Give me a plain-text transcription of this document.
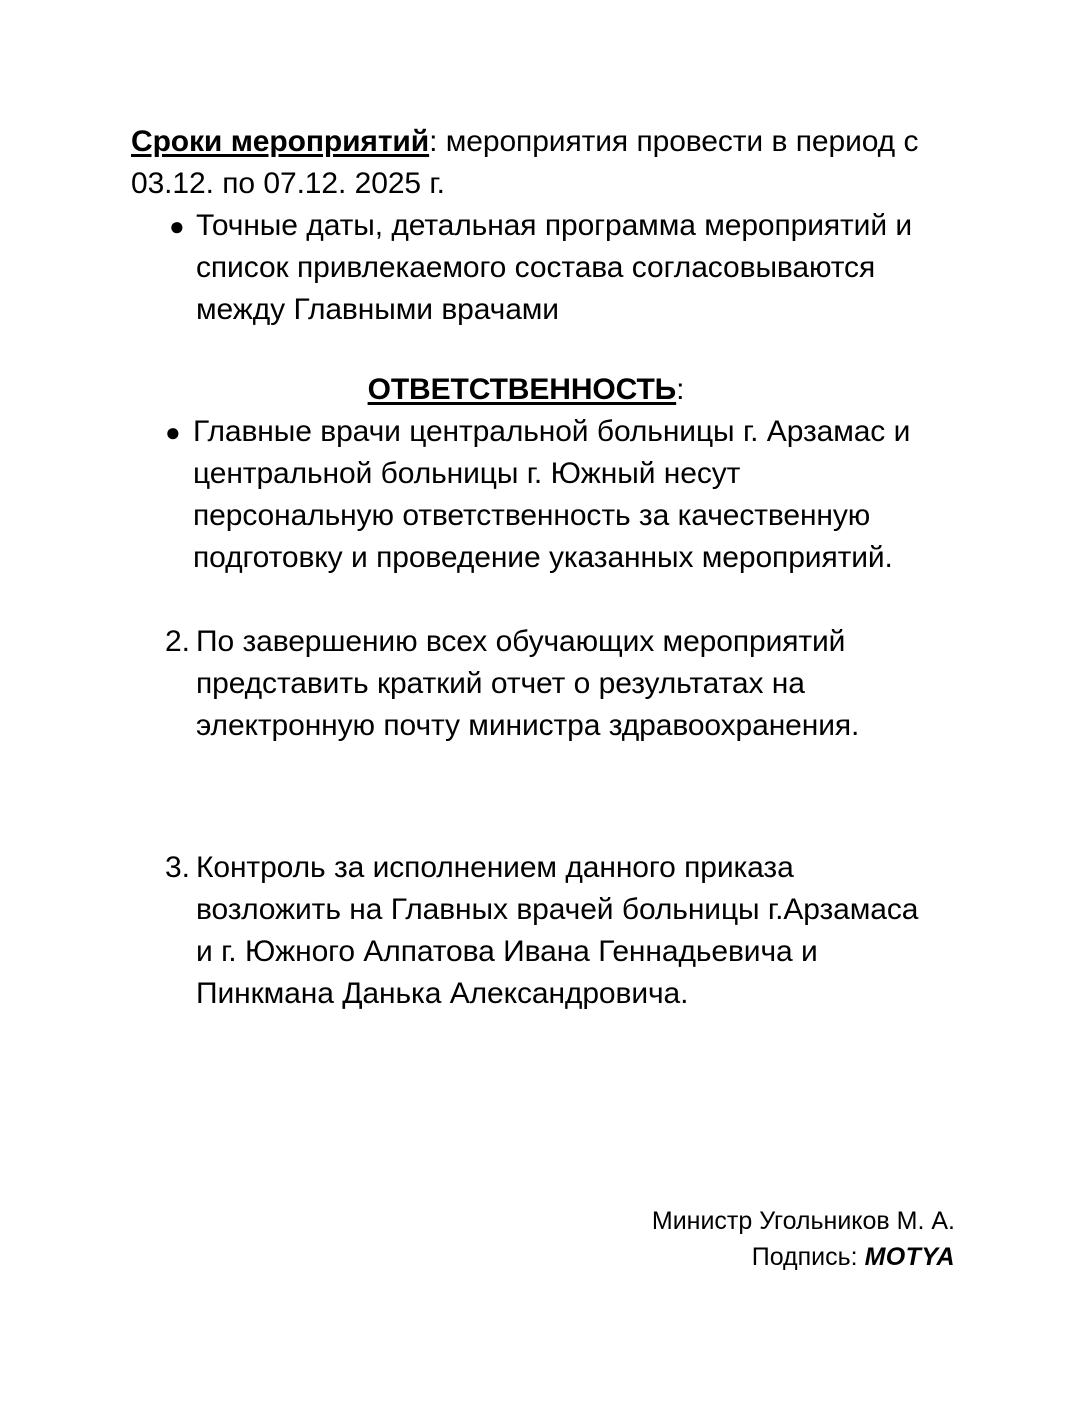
Сроки мероприятий: мероприятия провести в период с 03.12. по 07.12. 2025 г.

● Точные даты, детальная программа мероприятий и список привлекаемого состава согласовываются между Главными врачами

ОТВЕТСТВЕННОСТЬ:

● Главные врачи центральной больницы г. Арзамас и центральной больницы г. Южный несут персональную ответственность за качественную подготовку и проведение указанных мероприятий.
2. По завершению всех обучающих мероприятий представить краткий отчет о результатах на электронную почту министра здравоохранения.
3. Контроль за исполнением данного приказа возложить на Главных врачей больницы г.Арзамаса и г. Южного Алпатова Ивана Геннадьевича и Пинкмана Данька Александровича.
Министр Угольников М. А.
Подпись: MOTYA
